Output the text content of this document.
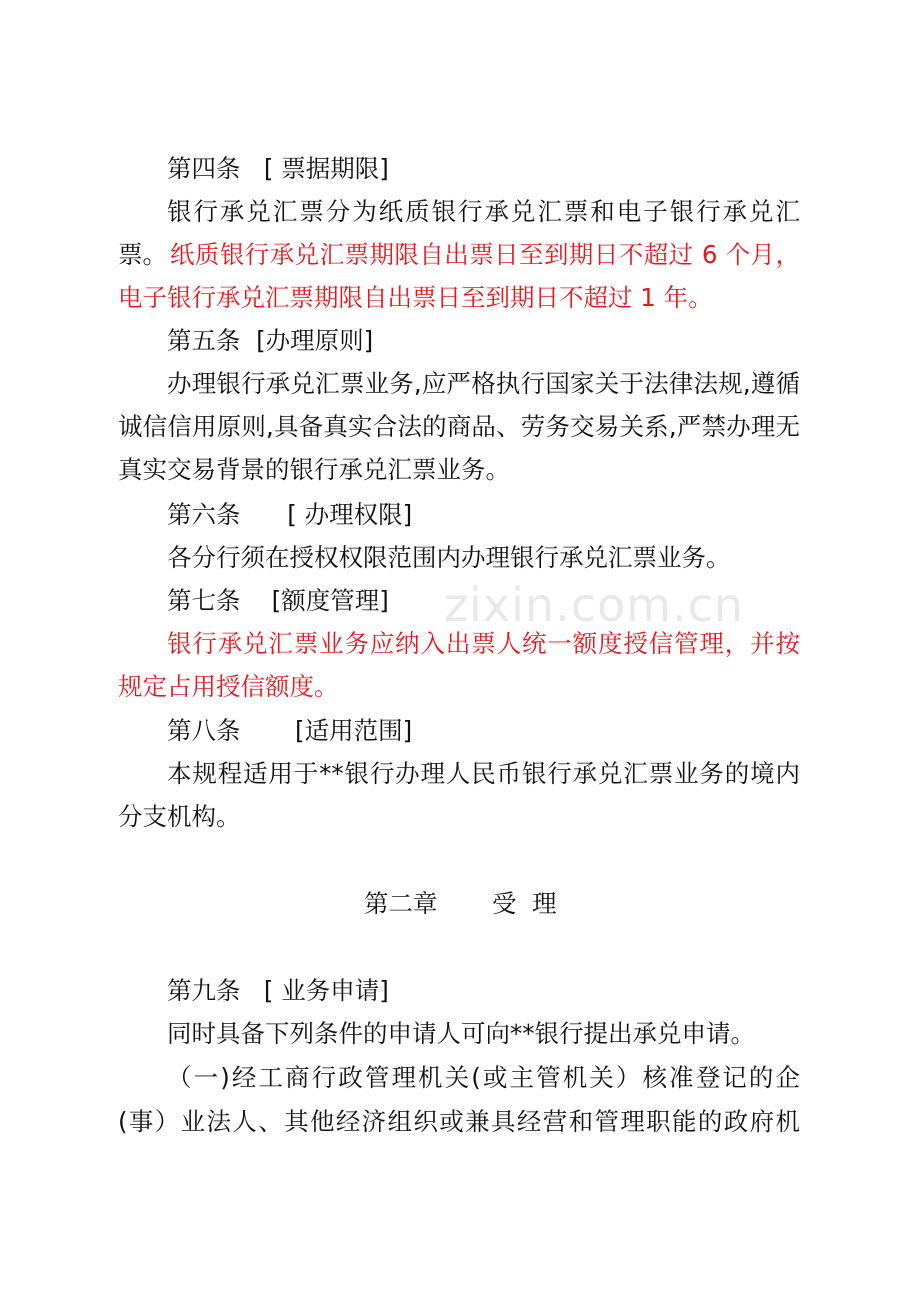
zixin.com.cn
第四条   [ 票据期限]
银行承兑汇票分为纸质银行承兑汇票和电子银行承兑汇
票。 纸质银行承兑汇票期限自出票日至到期日不超过 6 个月，
电子银行承兑汇票期限自出票日至到期日不超过 1 年。
第五条  [办理原则]
办理银行承兑汇票业务,应严格执行国家关于法律法规,遵循
诚信信用原则,具备真实合法的商品、劳务交易关系,严禁办理无
真实交易背景的银行承兑汇票业务。
第六条      [ 办理权限]
各分行须在授权权限范围内办理银行承兑汇票业务。
第七条    [额度管理]
银行承兑汇票业务应纳入出票人统一额度授信管理，并按
规定占用授信额度。
第八条       [适用范围]
本规程适用于**银行办理人民币银行承兑汇票业务的境内
分支机构。
第二章       受  理
第九条   [ 业务申请]
同时具备下列条件的申请人可向**银行提出承兑申请。
（一)经工商行政管理机关(或主管机关）核准登记的企
(事）业法人、其他经济组织或兼具经营和管理职能的政府机
